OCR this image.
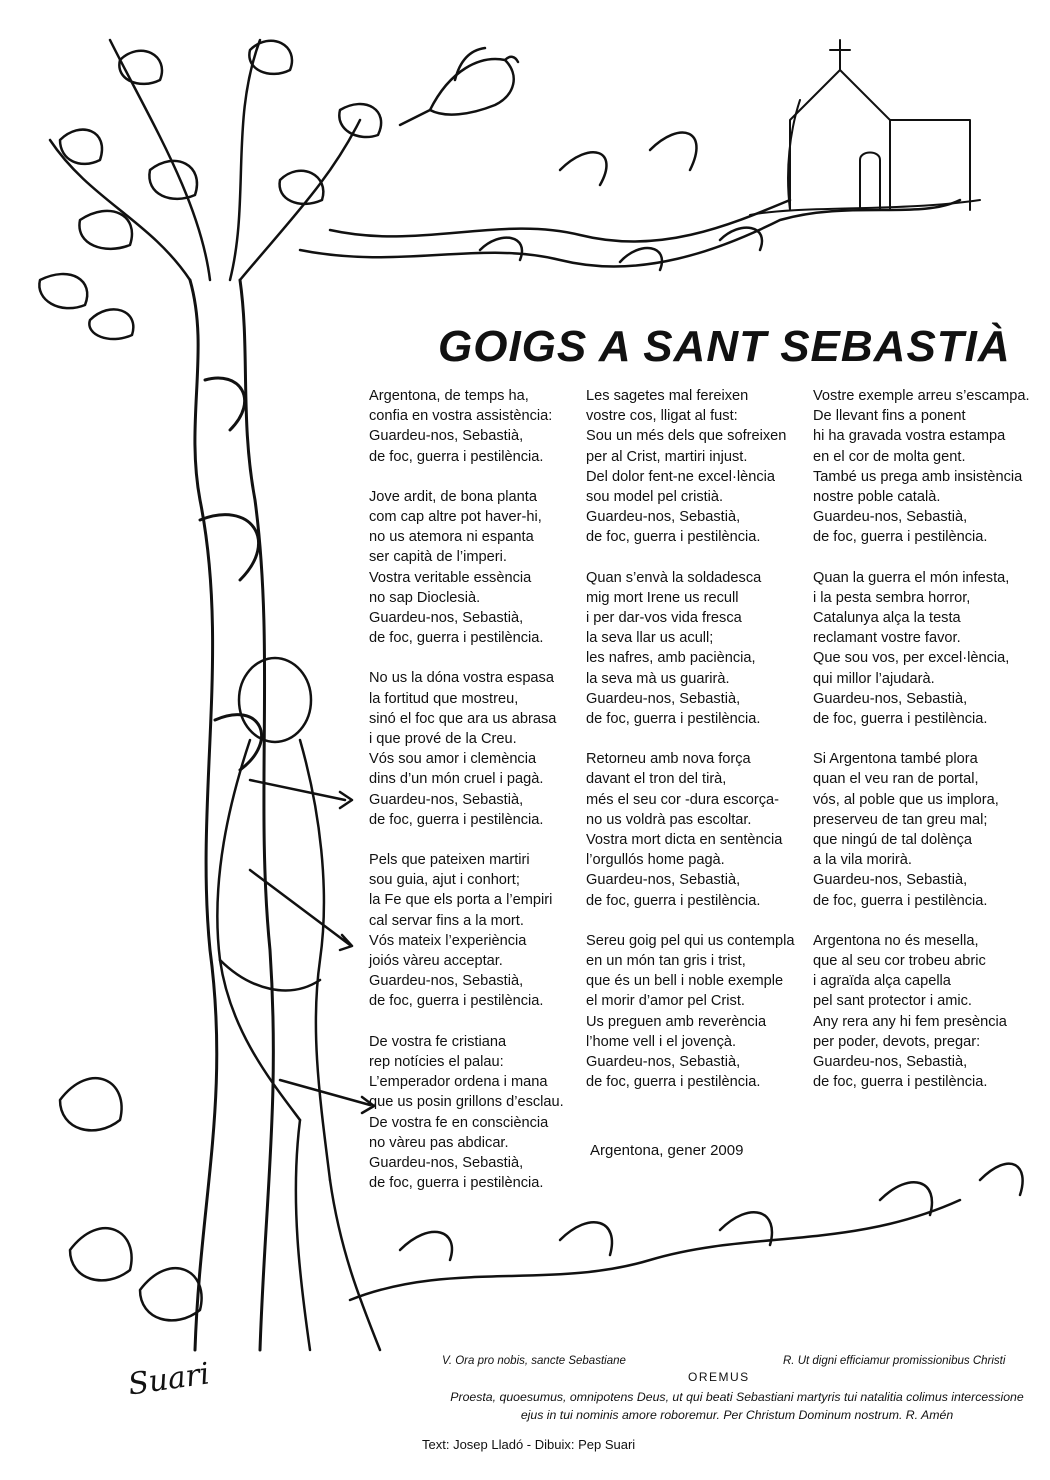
GOIGS A SANT SEBASTIÀ
Argentona, de temps ha,
confia en vostra assistència:
Guardeu-nos, Sebastià,
de foc, guerra i pestilència.
Jove ardit, de bona planta
com cap altre pot haver-hi,
no us atemora ni espanta
ser capità de l’imperi.
Vostra veritable essència
no sap Dioclesià.
Guardeu-nos, Sebastià,
de foc, guerra i pestilència.
No us la dóna vostra espasa
la fortitud que mostreu,
sinó el foc que ara us abrasa
i que prové de la Creu.
Vós sou amor i clemència
dins d’un món cruel i pagà.
Guardeu-nos, Sebastià,
de foc, guerra i pestilència.
Pels que pateixen martiri
sou guia, ajut i conhort;
la Fe que els porta a l’empiri
cal servar fins a la mort.
Vós mateix l’experiència
joiós vàreu acceptar.
Guardeu-nos, Sebastià,
de foc, guerra i pestilència.
De vostra fe cristiana
rep notícies el palau:
L’emperador ordena i mana
que us posin grillons d’esclau.
De vostra fe en consciència
no vàreu pas abdicar.
Guardeu-nos, Sebastià,
de foc, guerra i pestilència.
Les sagetes mal fereixen
vostre cos, lligat al fust:
Sou un més dels que sofreixen
per al Crist, martiri injust.
Del dolor fent-ne excel·lència
sou model pel cristià.
Guardeu-nos, Sebastià,
de foc, guerra i pestilència.
Quan s’envà la soldadesca
mig mort Irene us recull
i per dar-vos vida fresca
la seva llar us acull;
les nafres, amb paciència,
la seva mà us guarirà.
Guardeu-nos, Sebastià,
de foc, guerra i pestilència.
Retorneu amb nova força
davant el tron del tirà,
més el seu cor -dura escorça-
no us voldrà pas escoltar.
Vostra mort dicta en sentència
l’orgullós home pagà.
Guardeu-nos, Sebastià,
de foc, guerra i pestilència.
Sereu goig pel qui us contempla
en un món tan gris i trist,
que és un bell i noble exemple
el morir d’amor pel Crist.
Us preguen amb reverència
l’home vell i el jovençà.
Guardeu-nos, Sebastià,
de foc, guerra i pestilència.
Vostre exemple arreu s’escampa.
De llevant fins a ponent
hi ha gravada vostra estampa
en el cor de molta gent.
També us prega amb insistència
nostre poble català.
Guardeu-nos, Sebastià,
de foc, guerra i pestilència.
Quan la guerra el món infesta,
i la pesta sembra horror,
Catalunya alça la testa
reclamant vostre favor.
Que sou vos, per excel·lència,
qui millor l’ajudarà.
Guardeu-nos, Sebastià,
de foc, guerra i pestilència.
Si Argentona també plora
quan el veu ran de portal,
vós, al poble que us implora,
preserveu de tan greu mal;
que ningú de tal dolènça
a la vila morirà.
Guardeu-nos, Sebastià,
de foc, guerra i pestilència.
Argentona no és mesella,
que al seu cor trobeu abric
i agraïda alça capella
pel sant protector i amic.
Any rera any hi fem presència
per poder, devots, pregar:
Guardeu-nos, Sebastià,
de foc, guerra i pestilència.
Argentona, gener 2009
V. Ora pro nobis, sancte Sebastiane	R. Ut digni efficiamur promissionibus Christi
OREMUS
Proesta, quoesumus, omnipotens Deus, ut qui beati Sebastiani martyris tui natalitia colimus intercessione
ejus in tui nominis amore roboremur. Per Christum Dominum nostrum. R. Amén
Text: Josep Lladó - Dibuix: Pep Suari
Suari
